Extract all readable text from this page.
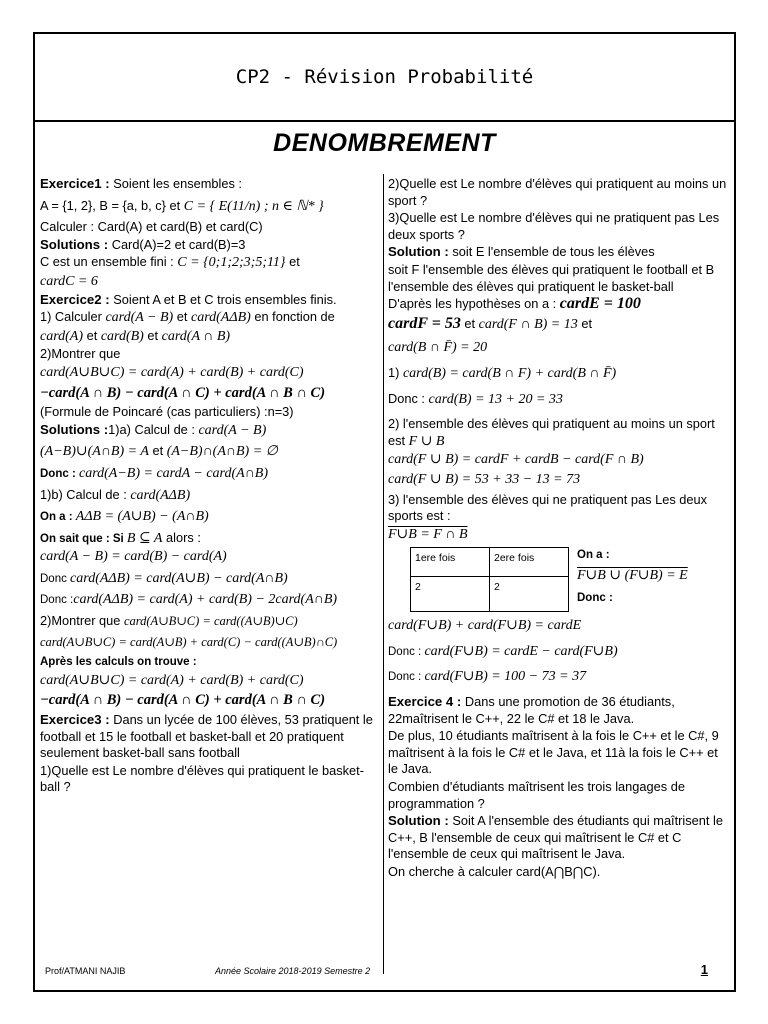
CP2 - Révision Probabilité
DENOMBREMENT

Exercice1 : Soient les ensembles :

A = {1, 2}, B = {a, b, c} et C = { E(11/n) ; n ∈ ℕ* }

Calculer : Card(A) et card(B) et card(C)

Solutions : Card(A)=2 et card(B)=3

C est un ensemble fini : C = {0;1;2;3;5;11} et

cardC = 6

Exercice2 : Soient A et B et C trois ensembles finis.

1) Calculer card(A − B) et card(AΔB) en fonction de

card(A) et card(B) et card(A ∩ B)

2)Montrer que

card(A∪B∪C) = card(A) + card(B) + card(C)
−card(A ∩ B) − card(A ∩ C) + card(A ∩ B ∩ C)

(Formule de Poincaré (cas particuliers) :n=3)

Solutions :1)a) Calcul de : card(A − B)

(A−B)∪(A∩B) = A et (A−B)∩(A∩B) = ∅

Donc : card(A−B) = cardA − card(A∩B)

1)b) Calcul de : card(AΔB)

On a : AΔB = (A∪B) − (A∩B)

On sait que : Si B ⊆ A alors :

card(A − B) = card(B) − card(A)

Donc card(AΔB) = card(A∪B) − card(A∩B)

Donc :card(AΔB) = card(A) + card(B) − 2card(A∩B)

2)Montrer que card(A∪B∪C) = card((A∪B)∪C)

card(A∪B∪C) = card(A∪B) + card(C) − card((A∪B)∩C)

Après les calculs on trouve :

card(A∪B∪C) = card(A) + card(B) + card(C)
−card(A ∩ B) − card(A ∩ C) + card(A ∩ B ∩ C)

Exercice3 : Dans un lycée de 100 élèves, 53 pratiquent le football et 15 le football et basket-ball et 20 pratiquent seulement basket-ball sans football

1)Quelle est Le nombre d'élèves qui pratiquent le basket-ball ?

2)Quelle est Le nombre d'élèves qui pratiquent au moins un sport ?

3)Quelle est Le nombre d'élèves qui ne pratiquent pas Les deux sports ?

Solution : soit E l'ensemble de tous les élèves

soit F l'ensemble des élèves qui pratiquent le football et B l'ensemble des élèves qui pratiquent le basket-ball

D'après les hypothèses on a : cardE = 100

cardF = 53 et card(F ∩ B) = 13 et

card(B ∩ F̄) = 20

1) card(B) = card(B ∩ F) + card(B ∩ F̄)

Donc : card(B) = 13 + 20 = 33

2) l'ensemble des élèves qui pratiquent au moins un sport est F ∪ B

card(F ∪ B) = cardF + cardB − card(F ∩ B)
card(F ∪ B) = 53 + 33 − 13 = 73

3) l'ensemble des élèves qui ne pratiquent pas Les deux sports est :

F∪B = F ∩ B

1ere fois	2ere fois
2	2
On a :
F∪B ∪ (F∪B) = E
Donc :
card(F∪B) + card(F∪B) = cardE

Donc : card(F∪B) = cardE − card(F∪B)

Donc : card(F∪B) = 100 − 73 = 37

Exercice 4 : Dans une promotion de 36 étudiants, 22maîtrisent le C++, 22 le C# et 18 le Java.

De plus, 10 étudiants maîtrisent à la fois le C++ et le C#, 9 maîtrisent à la fois le C# et le Java, et 11à la fois le C++ et le Java.

Combien d'étudiants maîtrisent les trois langages de programmation ?

Solution : Soit A l'ensemble des étudiants qui maîtrisent le C++, B l'ensemble de ceux qui maîtrisent le C# et C l'ensemble de ceux qui maîtrisent le Java.

On cherche à calculer card(A⋂B⋂C).

Prof/ATMANI NAJIB	Année Scolaire 2018-2019 Semestre 2	1
